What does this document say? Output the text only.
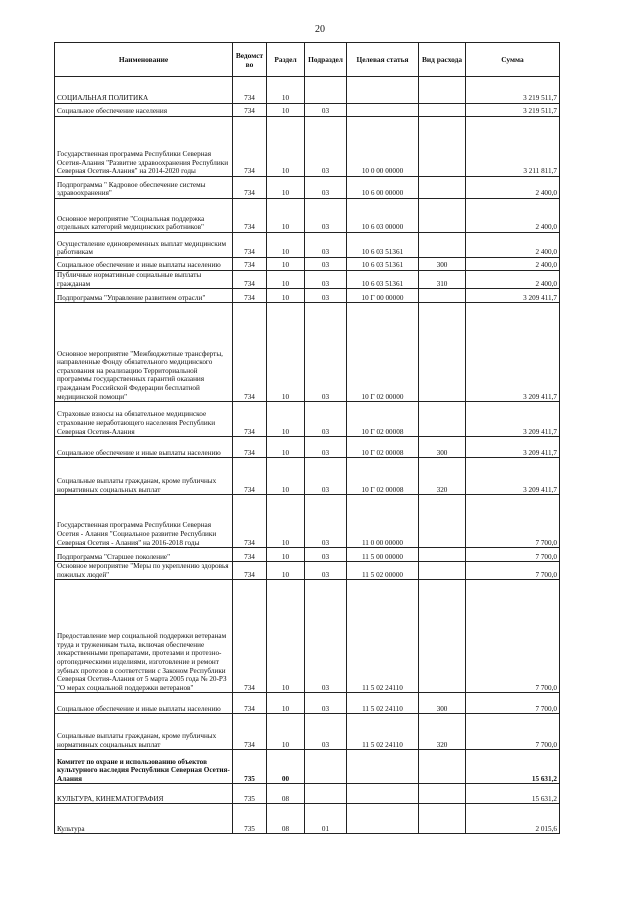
20
Наименование	Ведомст во	Раздел	Подраздел	Целевая статья	Вид расхода	Сумма
СОЦИАЛЬНАЯ ПОЛИТИКА	734	10				3 219 511,7
Социальное обеспечение населения	734	10	03			3 219 511,7
Государственная программа Республики Северная Осетия-Алания "Развитие здравоохранения Республики Северная Осетия-Алания" на 2014-2020 годы	734	10	03	10 0 00 00000		3 211 811,7
Подпрограмма " Кадровое обеспечение системы здравоохранения"	734	10	03	10 6 00 00000		2 400,0
Основное мероприятие "Социальная поддержка отдельных категорий медицинских работников"	734	10	03	10 6 03 00000		2 400,0
Осуществление единовременных выплат медицинским работникам	734	10	03	10 6 03 51361		2 400,0
Социальное обеспечение и иные выплаты населению	734	10	03	10 6 03 51361	300	2 400,0
Публичные нормативные социальные выплаты гражданам	734	10	03	10 6 03 51361	310	2 400,0
Подпрограмма "Управление развитием отрасли"	734	10	03	10 Г 00 00000		3 209 411,7
Основное мероприятие "Межбюджетные трансферты, направленные Фонду обязательного медицинского страхования на реализацию Территориальной программы государственных гарантий оказания гражданам Российской Федерации бесплатной медицинской помощи"	734	10	03	10 Г 02 00000		3 209 411,7
Страховые взносы на обязательное медицинское страхование неработающего населения Республики Северная Осетия-Алания	734	10	03	10 Г 02 00008		3 209 411,7
Социальное обеспечение и иные выплаты населению	734	10	03	10 Г 02 00008	300	3 209 411,7
Социальные выплаты гражданам, кроме публичных нормативных социальных выплат	734	10	03	10 Г 02 00008	320	3 209 411,7
Государственная программа Республики Северная Осетия - Алания "Социальное развитие Республики Северная Осетия - Алания" на 2016-2018 годы	734	10	03	11 0 00 00000		7 700,0
Подпрограмма "Старшее поколение"	734	10	03	11 5 00 00000		7 700,0
Основное мероприятие "Меры по укреплению здоровья пожилых людей"	734	10	03	11 5 02 00000		7 700,0
Предоставление мер социальной поддержки ветеранам труда и труженикам тыла, включая обеспечение лекарственными препаратами, протезами и протезно-ортопедическими изделиями, изготовление и ремонт зубных протезов в соответствии с Законом Республики Северная Осетия-Алания от 5 марта 2005 года № 20-РЗ "О мерах социальной поддержки ветеранов"	734	10	03	11 5 02 24110		7 700,0
Социальное обеспечение и иные выплаты населению	734	10	03	11 5 02 24110	300	7 700,0
Социальные выплаты гражданам, кроме публичных нормативных социальных выплат	734	10	03	11 5 02 24110	320	7 700,0
Комитет по охране и использованию объектов культурного наследия Республики Северная Осетия-Алания	735	00				15 631,2
КУЛЬТУРА, КИНЕМАТОГРАФИЯ	735	08				15 631,2
Культура	735	08	01			2 015,6
